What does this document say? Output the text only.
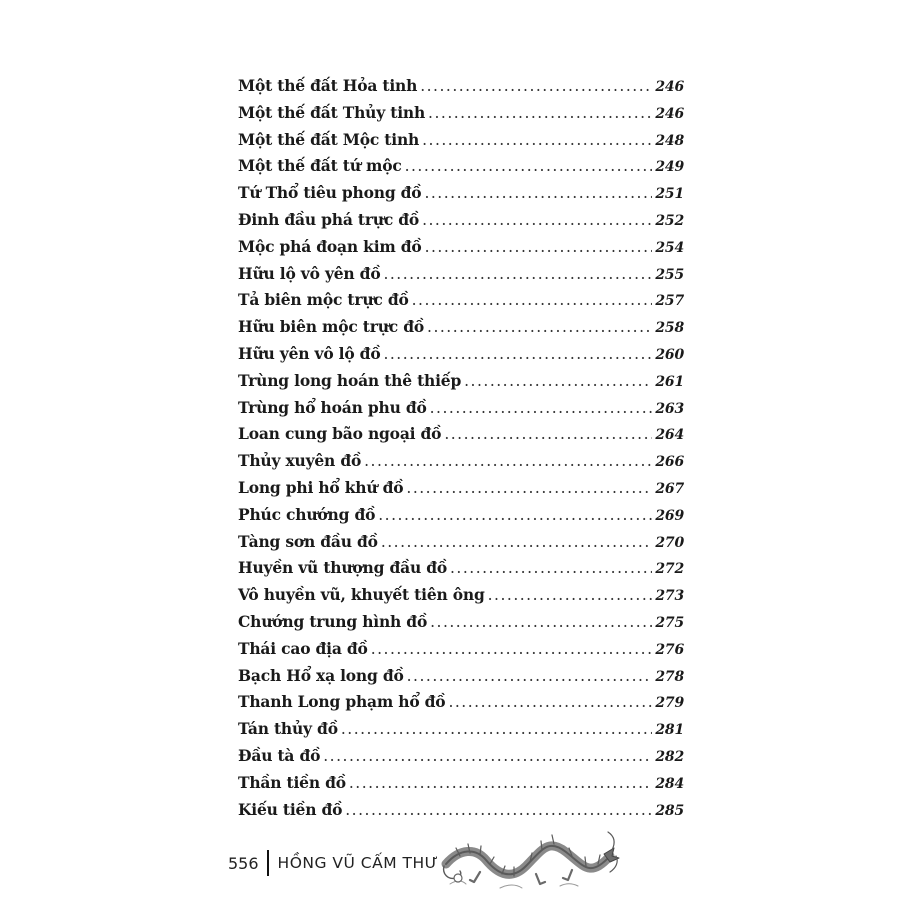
Một thế đất Hỏa tinh .....	246
Một thế đất Thủy tinh .....	246
Một thế đất Mộc tinh .....	248
Một thế đất tứ mộc .....	249
Tứ Thổ tiêu phong đồ .....	251
Đinh đầu phá trực đồ .....	252
Mộc phá đoạn kim đồ .....	254
Hữu lộ vô yên đồ .....	255
Tả biên mộc trực đồ .....	257
Hữu biên mộc trực đồ .....	258
Hữu yên vô lộ đồ .....	260
Trùng long hoán thê thiếp .....	261
Trùng hổ hoán phu đồ .....	263
Loan cung bão ngoại đồ .....	264
Thủy xuyên đồ .....	266
Long phi hổ khứ đồ .....	267
Phúc chướng đồ .....	269
Tàng sơn đầu đồ .....	270
Huyền vũ thượng đầu đồ .....	272
Vô huyền vũ, khuyết tiên ông .....	273
Chướng trung hình đồ .....	275
Thái cao địa đồ .....	276
Bạch Hổ xạ long đồ .....	278
Thanh Long phạm hổ đồ .....	279
Tán thủy đồ .....	281
Đầu tà đồ .....	282
Thần tiền đồ .....	284
Kiếu tiền đồ .....	285
556	HỒNG VŨ CẤM THƯ
